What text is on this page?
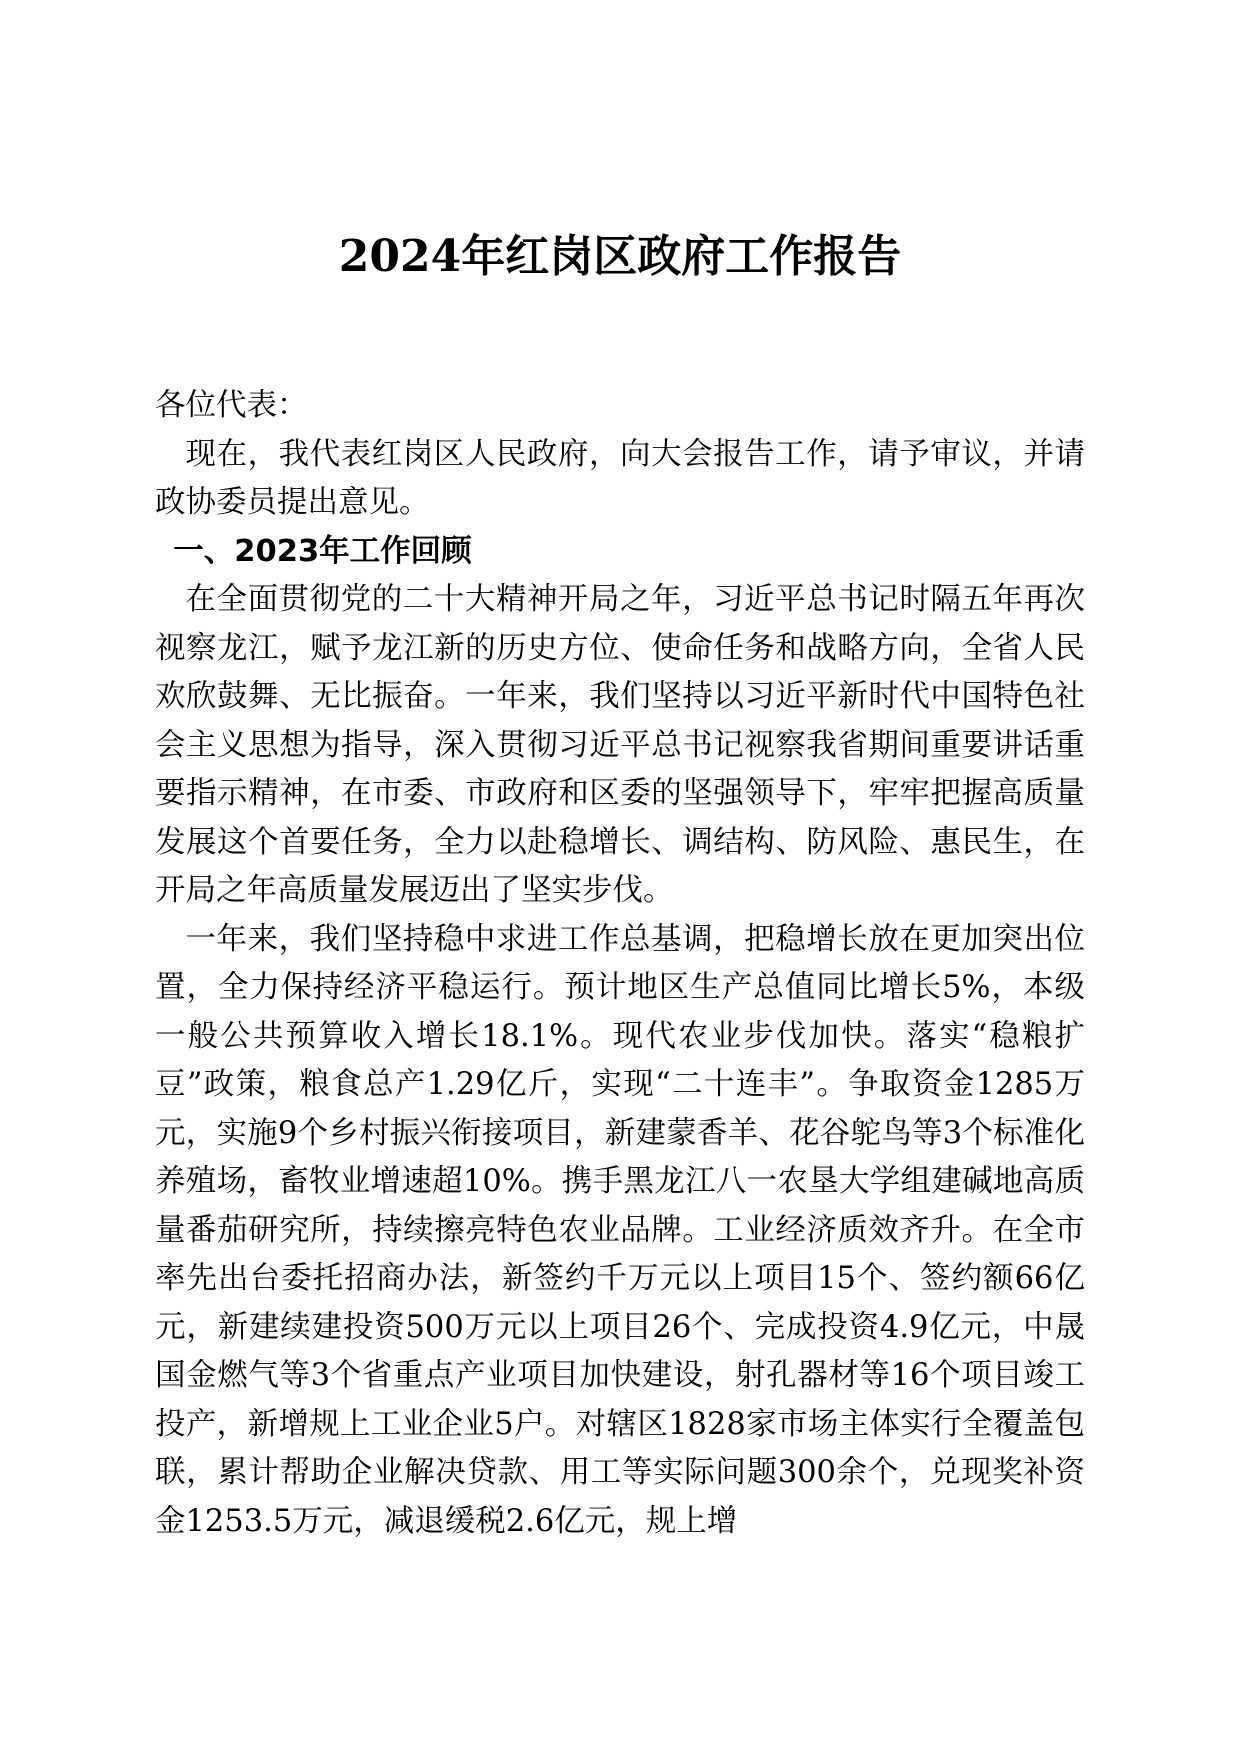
2024年红岗区政府工作报告

各位代表：

现在，我代表红岗区人民政府，向大会报告工作，请予审议，并请政协委员提出意见。

一、2023年工作回顾

在全面贯彻党的二十大精神开局之年，习近平总书记时隔五年再次视察龙江，赋予龙江新的历史方位、使命任务和战略方向，全省人民欢欣鼓舞、无比振奋。一年来，我们坚持以习近平新时代中国特色社会主义思想为指导，深入贯彻习近平总书记视察我省期间重要讲话重要指示精神，在市委、市政府和区委的坚强领导下，牢牢把握高质量发展这个首要任务，全力以赴稳增长、调结构、防风险、惠民生，在开局之年高质量发展迈出了坚实步伐。

一年来，我们坚持稳中求进工作总基调，把稳增长放在更加突出位置，全力保持经济平稳运行。预计地区生产总值同比增长5%，本级一般公共预算收入增长18.1%。现代农业步伐加快。落实“稳粮扩豆”政策，粮食总产1.29亿斤，实现“二十连丰”。争取资金1285万元，实施9个乡村振兴衔接项目，新建蒙香羊、花谷鸵鸟等3个标准化养殖场，畜牧业增速超10%。携手黑龙江八一农垦大学组建碱地高质量番茄研究所，持续擦亮特色农业品牌。工业经济质效齐升。在全市率先出台委托招商办法，新签约千万元以上项目15个、签约额66亿元，新建续建投资500万元以上项目26个、完成投资4.9亿元，中晟国金燃气等3个省重点产业项目加快建设，射孔器材等16个项目竣工投产，新增规上工业企业5户。对辖区1828家市场主体实行全覆盖包联，累计帮助企业解决贷款、用工等实际问题300余个，兑现奖补资金1253.5万元，减退缓税2.6亿元，规上增
